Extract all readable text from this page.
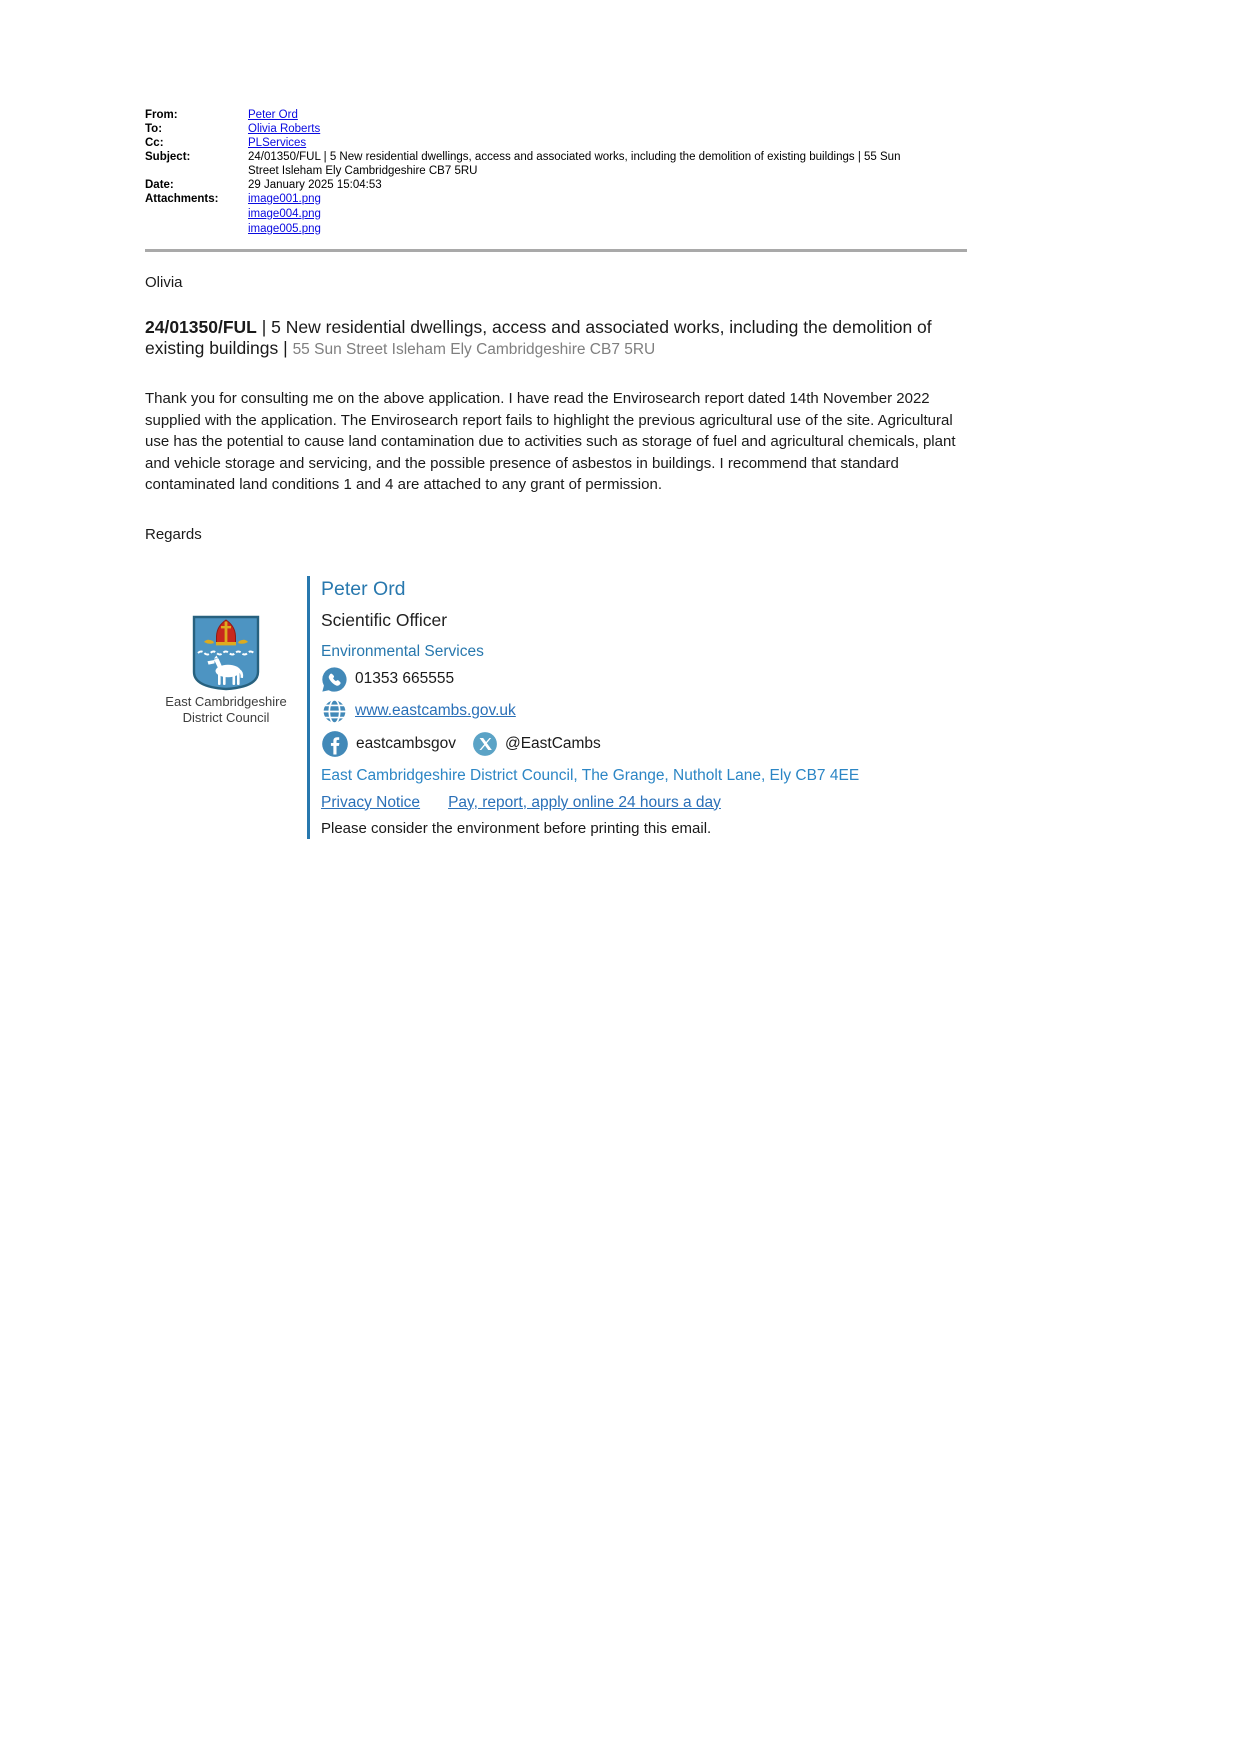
From:	Peter Ord
To:	Olivia Roberts
Cc:	PLServices
Subject:	24/01350/FUL | 5 New residential dwellings, access and associated works, including the demolition of existing buildings | 55 Sun Street Isleham Ely Cambridgeshire CB7 5RU
Date:	29 January 2025 15:04:53
Attachments:	image001.png
image004.png
image005.png

Olivia

24/01350/FUL | 5 New residential dwellings, access and associated works, including the demolition of existing buildings | 55 Sun Street Isleham Ely Cambridgeshire CB7 5RU

Thank you for consulting me on the above application. I have read the Envirosearch report dated 14th November 2022 supplied with the application. The Envirosearch report fails to highlight the previous agricultural use of the site. Agricultural use has the potential to cause land contamination due to activities such as storage of fuel and agricultural chemicals, plant and vehicle storage and servicing, and the possible presence of asbestos in buildings. I recommend that standard contaminated land conditions 1 and 4 are attached to any grant of permission.

Regards

East Cambridgeshire
District Council
Peter Ord
Scientific Officer
Environmental Services
01353 665555
www.eastcambs.gov.uk
eastcambsgov	@EastCambs
East Cambridgeshire District Council, The Grange, Nutholt Lane, Ely CB7 4EE
Privacy Notice Pay, report, apply online 24 hours a day
Please consider the environment before printing this email.
